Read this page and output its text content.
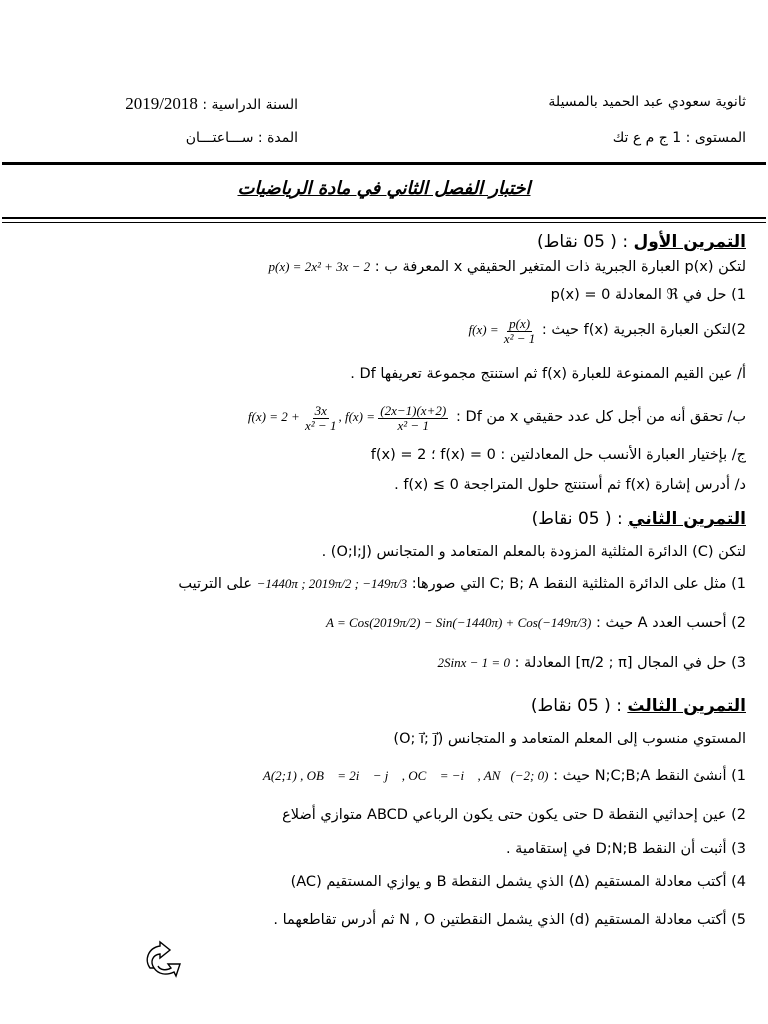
ثانوية سعودي عبد الحميد بالمسيلة
المستوى : 1 ج م ع تك
السنة الدراسية : 2019/2018
المدة : ســـاعتـــان
اختبار الفصل الثاني في مادة الرياضيات
التمرين الأول : ( 05 نقاط)
لتكن p(x) العبارة الجبرية ذات المتغير الحقيقي x المعرفة ب : p(x) = 2x² + 3x − 2
1) حل في ℜ المعادلة p(x) = 0
2)لتكن العبارة الجبرية f(x) حيث : $f(x) = \frac{p(x)}{\text{x² − 1}}$
أ/ عين القيم الممنوعة للعبارة f(x) ثم استنتج مجموعة تعريفها Df .
ب/ تحقق أنه من أجل كل عدد حقيقي x من Df : $f(x) = \frac{(2x-1)(x+2)}{\text{x² − 1}}$
, $f(x) = 2 + \frac{3x}{\text{x² − 1}}$
ج/ بإختيار العبارة الأنسب حل المعادلتين : f(x) = 0 ؛ f(x) = 2
د/ أدرس إشارة f(x) ثم أستنتج حلول المتراجحة f(x) ≤ 0 .
التمرين الثاني : ( 05 نقاط)
لتكن (C) الدائرة المثلثية المزودة بالمعلم المتعامد و المتجانس (O;I;J) .
1) مثل على الدائرة المثلثية النقط C; B; A التي صورها: −1440π ; 2019π/2 ; −149π/3 على الترتيب
2) أحسب العدد A حيث : A = Cos(2019π/2) − Sin(−1440π) + Cos(−149π/3)
3) حل في المجال [π/2 ; π] المعادلة : 2Sinx − 1 = 0
التمرين الثالث : ( 05 نقاط)
المستوي منسوب إلى المعلم المتعامد و المتجانس (O; i⃗; j⃗)
1) أنشئ النقط N;C;B;A حيث : A(2;1) , OB⃗ = 2i⃗ − j⃗ , OC⃗ = −i⃗ , AN⃗(−2; 0)
2) عين إحداثيي النقطة D حتى يكون حتى يكون الرباعي ABCD متوازي أضلاع
3) أثبت أن النقط D;N;B في إستقامية .
4) أكتب معادلة المستقيم (Δ) الذي يشمل النقطة B و يوازي المستقيم (AC)
5) أكتب معادلة المستقيم (d) الذي يشمل النقطتين N , O ثم أدرس تقاطعهما .
